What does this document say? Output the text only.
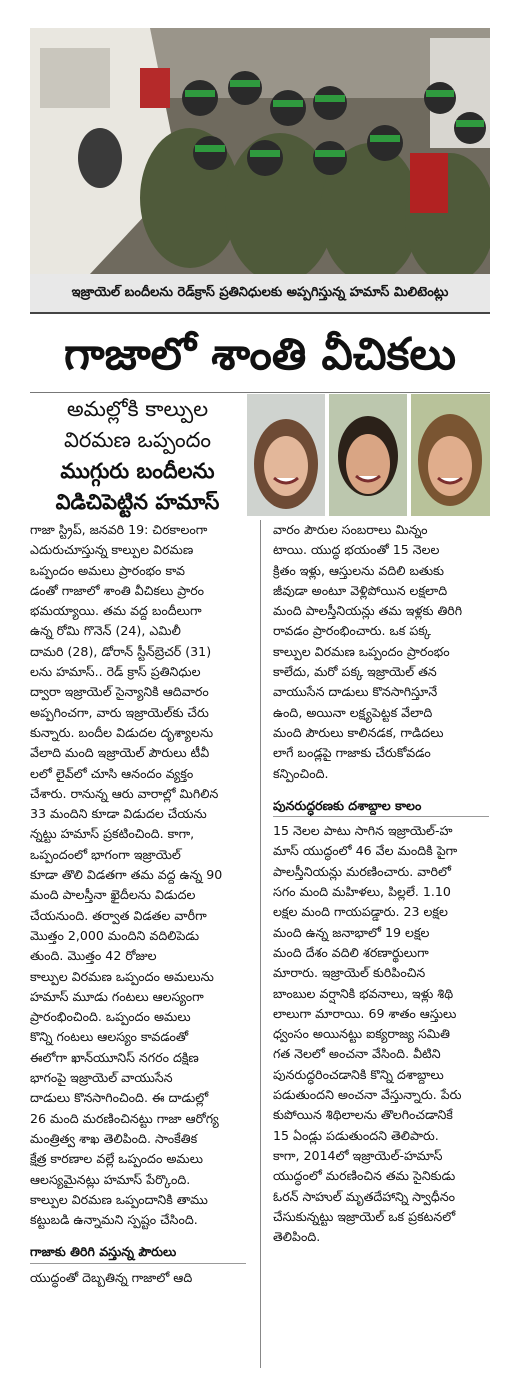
ఇజ్రాయెల్ బందీలను రెడ్‌క్రాస్ ప్రతినిధులకు అప్పగిస్తున్న హమాస్ మిలిటెంట్లు
గాజాలో శాంతి వీచికలు
అమల్లోకి కాల్పుల
విరమణ ఒప్పందం
ముగ్గురు బందీలను
విడిచిపెట్టిన హమాస్
గాజా స్ట్రిప్, జనవరి 19: చిరకాలంగా
ఎదురుచూస్తున్న కాల్పుల విరమణ
ఒప్పందం అమలు ప్రారంభం కావ
డంతో గాజాలో శాంతి వీచికలు ప్రారం
భమయ్యాయి. తమ వద్ద బందీలుగా
ఉన్న రోమి గొనెన్ (24), ఎమిలీ
దామరి (28), డోరాన్ స్టీన్‌బ్రెచర్ (31)
లను హమాస్.. రెడ్ క్రాస్ ప్రతినిధుల
ద్వారా ఇజ్రాయెల్ సైన్యానికి ఆదివారం
అప్పగించగా, వారు ఇజ్రాయెల్‌కు చేరు
కున్నారు. బందీల విడుదల దృశ్యాలను
వేలాది మంది ఇజ్రాయెల్ పౌరులు టీవీ
లలో లైవ్‌లో చూసి ఆనందం వ్యక్తం
చేశారు. రానున్న ఆరు వారాల్లో మిగిలిన
33 మందిని కూడా విడుదల చేయను
న్నట్టు హమాస్ ప్రకటించింది. కాగా,
ఒప్పందంలో భాగంగా ఇజ్రాయెల్
కూడా తొలి విడతగా తమ వద్ద ఉన్న 90
మంది పాలస్తీనా ఖైదీలను విడుదల
చేయనుంది. తర్వాత విడతల వారీగా
మొత్తం 2,000 మందిని వదిలిపెడు
తుంది. మొత్తం 42 రోజుల
కాల్పుల విరమణ ఒప్పందం అమలును
హమాస్ మూడు గంటలు ఆలస్యంగా
ప్రారంభించింది. ఒప్పందం అమలు
కొన్ని గంటలు ఆలస్యం కావడంతో
ఈలోగా ఖాన్‌యూనిస్ నగరం దక్షిణ
భాగంపై ఇజ్రాయెల్ వాయుసేన
దాడులు కొనసాగించింది. ఈ దాడుల్లో
26 మంది మరణించినట్టు గాజా ఆరోగ్య
మంత్రిత్వ శాఖ తెలిపింది. సాంకేతిక
క్షేత్ర కారణాల వల్లే ఒప్పందం అమలు
ఆలస్యమైనట్లు హమాస్ పేర్కొంది.
కాల్పుల విరమణ ఒప్పందానికి తాము
కట్టుబడి ఉన్నామని స్పష్టం చేసింది.
గాజాకు తిరిగి వస్తున్న పౌరులు
యుద్ధంతో దెబ్బతిన్న గాజాలో ఆది
వారం పౌరుల సంబరాలు మిన్నం
టాయి. యుద్ధ భయంతో 15 నెలల
క్రితం ఇళ్లు, ఆస్తులను వదిలి బతుకు
జీవుడా అంటూ వెళ్లిపోయిన లక్షలాది
మంది పాలస్తీనియన్లు తమ ఇళ్లకు తిరిగి
రావడం ప్రారంభించారు. ఒక పక్క
కాల్పుల విరమణ ఒప్పందం ప్రారంభం
కాలేదు, మరో పక్క ఇజ్రాయెల్ తన
వాయుసేన దాడులు కొనసాగిస్తూనే
ఉంది, అయినా లక్ష్యపెట్టక వేలాది
మంది పౌరులు కాలినడక, గాడిదలు
లాగే బండ్లపై గాజాకు చేరుకోవడం
కన్పించింది.
పునరుద్ధరణకు దశాబ్దాల కాలం
15 నెలల పాటు సాగిన ఇజ్రాయెల్-హ
మాస్ యుద్ధంలో 46 వేల మందికి పైగా
పాలస్తీనియన్లు మరణించారు. వారిలో
సగం మంది మహిళలు, పిల్లలే. 1.10
లక్షల మంది గాయపడ్డారు. 23 లక్షల
మంది ఉన్న జనాభాలో 19 లక్షల
మంది దేశం వదిలి శరణార్థులుగా
మారారు. ఇజ్రాయెల్ కురిపించిన
బాంబుల వర్షానికి భవనాలు, ఇళ్లు శిథి
లాలుగా మారాయి. 69 శాతం ఆస్తులు
ధ్వంసం అయినట్టు ఐక్యరాజ్య సమితి
గత నెలలో అంచనా వేసింది. వీటిని
పునరుద్ధరించడానికి కొన్ని దశాబ్దాలు
పడుతుందని అంచనా వేస్తున్నారు. పేరు
కుపోయిన శిథిలాలను తొలగించడానికే
15 ఏండ్లు పడుతుందని తెలిపారు.
కాగా, 2014లో ఇజ్రాయెల్-హమాస్
యుద్ధంలో మరణించిన తమ సైనికుడు
ఓరన్ సాహుల్ మృతదేహాన్ని స్వాధీనం
చేసుకున్నట్టు ఇజ్రాయెల్ ఒక ప్రకటనలో
తెలిపింది.
